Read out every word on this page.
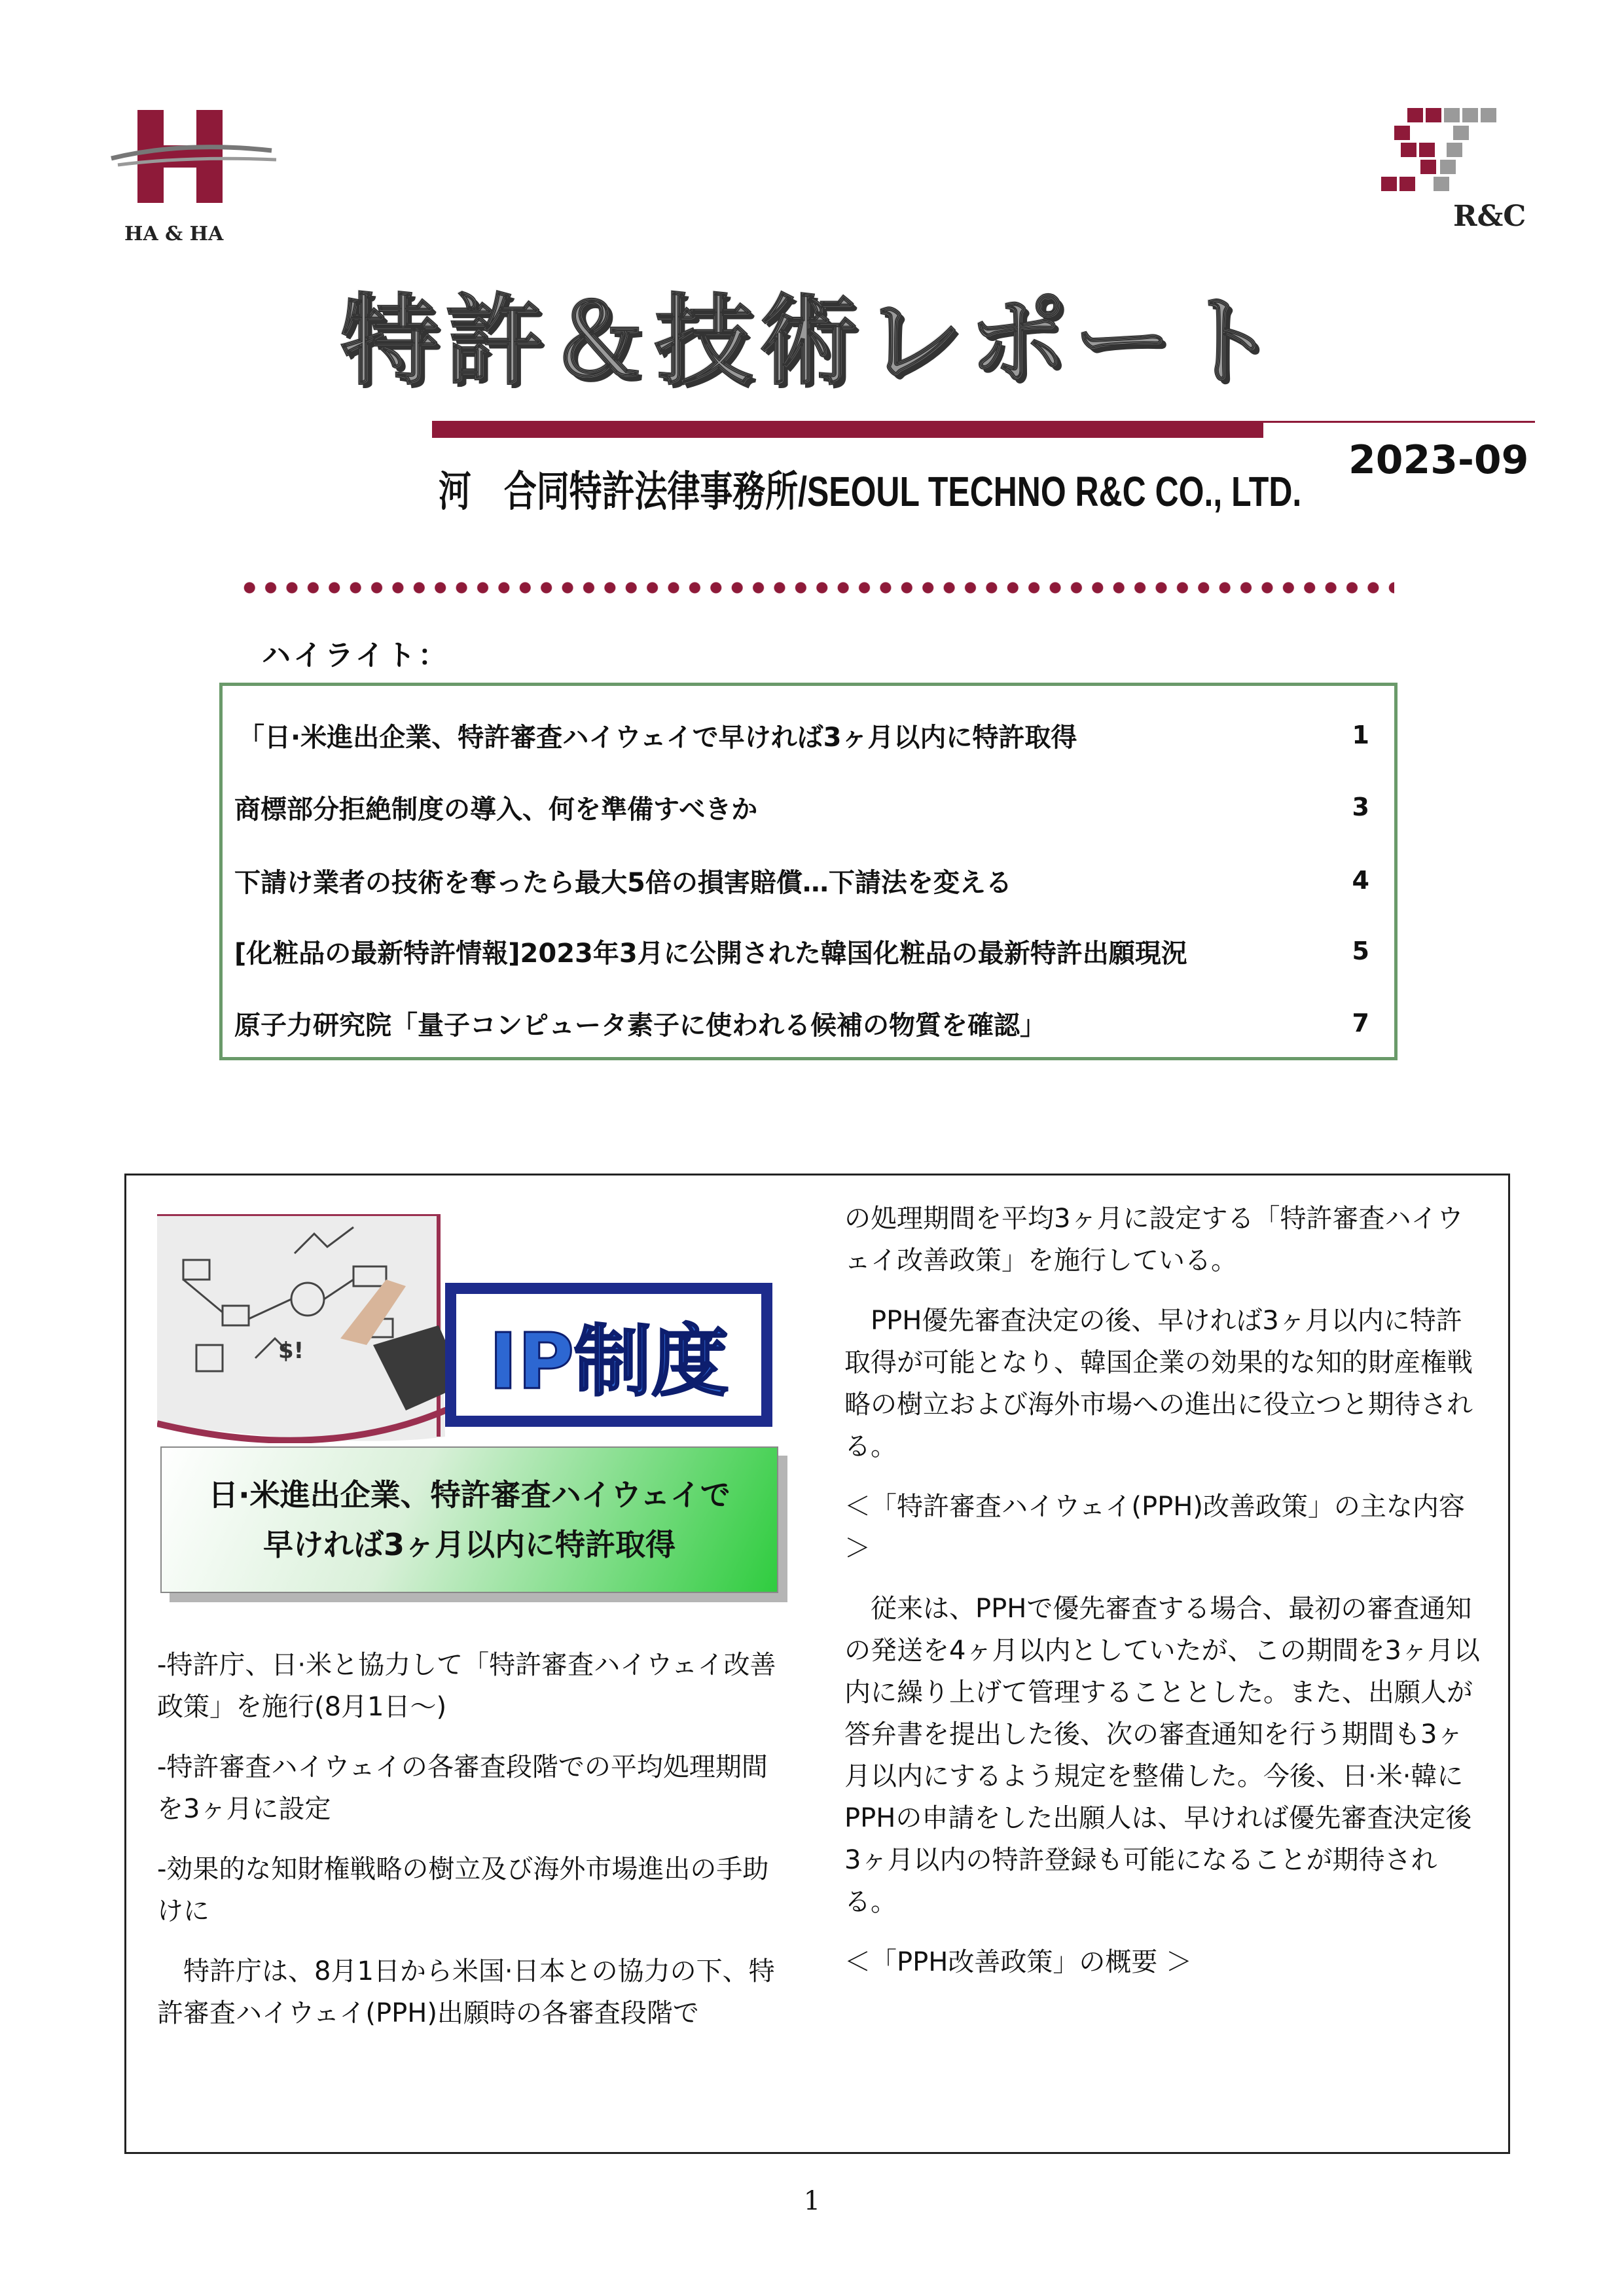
HA & HA
R&C
特許＆技術レポート
河　合同特許法律事務所/SEOUL TECHNO R&C CO., LTD.
2023-09
ハイライト：
「日·米進出企業、特許審査ハイウェイで早ければ3ヶ月以内に特許取得	1
商標部分拒絶制度の導入、何を準備すべきか	3
下請け業者の技術を奪ったら最大5倍の損害賠償…下請法を変える	4
[化粧品の最新特許情報]2023年3月に公開された韓国化粧品の最新特許出願現況	5
原子力研究院「量子コンピュータ素子に使われる候補の物質を確認」	7
$! IP制度
日·米進出企業、特許審査ハイウェイで
早ければ3ヶ月以内に特許取得

-特許庁、日·米と協力して「特許審査ハイウェイ改善政策」を施行(8月1日～)

-特許審査ハイウェイの各審査段階での平均処理期間を3ヶ月に設定

-効果的な知財権戦略の樹立及び海外市場進出の手助けに

　特許庁は、8月1日から米国·日本との協力の下、特許審査ハイウェイ(PPH)出願時の各審査段階で

の処理期間を平均3ヶ月に設定する「特許審査ハイウェイ改善政策」を施行している。

　PPH優先審査決定の後、早ければ3ヶ月以内に特許取得が可能となり、韓国企業の効果的な知的財産権戦略の樹立および海外市場への進出に役立つと期待される。

＜「特許審査ハイウェイ(PPH)改善政策」の主な内容＞

　従来は、PPHで優先審査する場合、最初の審査通知の発送を4ヶ月以内としていたが、この期間を3ヶ月以内に繰り上げて管理することとした。また、出願人が答弁書を提出した後、次の審査通知を行う期間も3ヶ月以内にするよう規定を整備した。今後、日·米·韓にPPHの申請をした出願人は、早ければ優先審査決定後3ヶ月以内の特許登録も可能になることが期待される。

＜「PPH改善政策」の概要 ＞

1
